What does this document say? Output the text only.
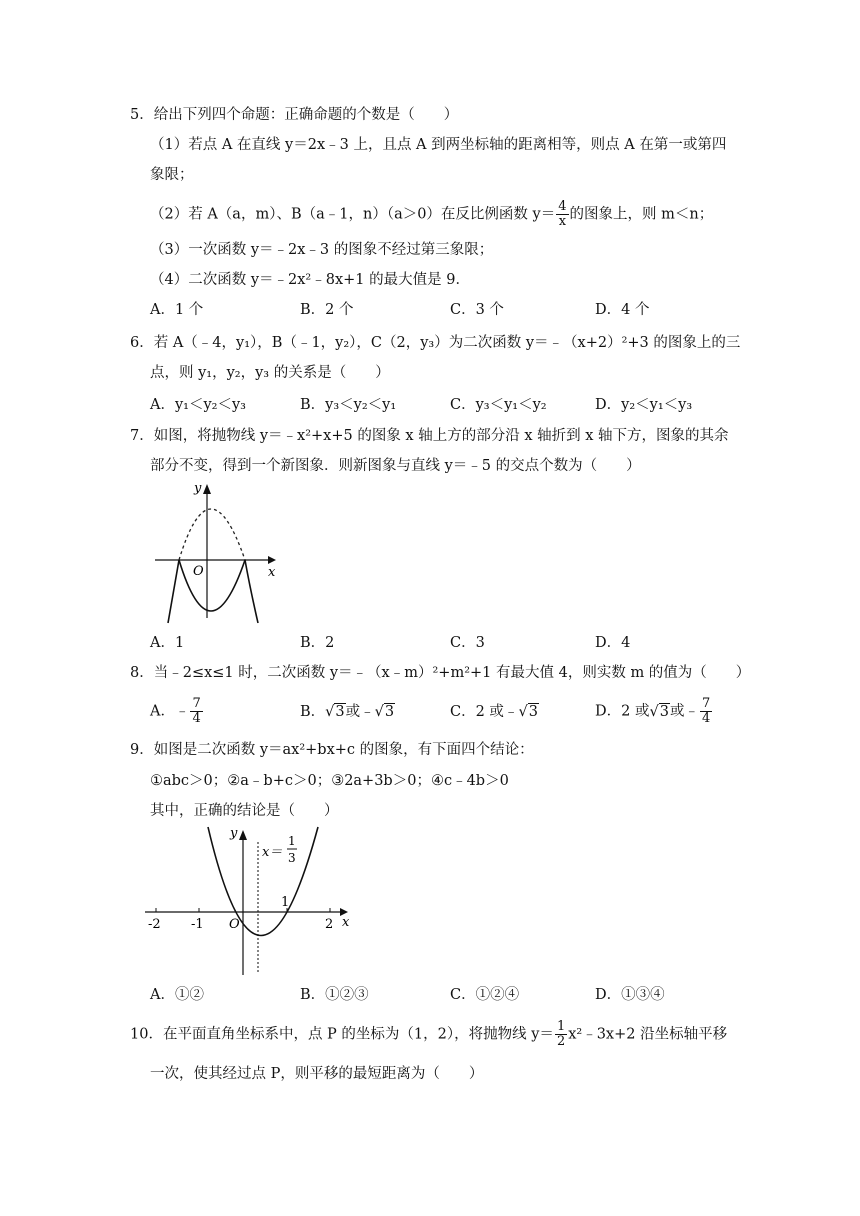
5．给出下列四个命题：正确命题的个数是（　　）
（1）若点 A 在直线 y＝2x﹣3 上，且点 A 到两坐标轴的距离相等，则点 A 在第一或第四
象限；
（2）若 A（a，m）、B（a﹣1，n）（a＞0）在反比例函数 $y= \frac{4}{x}$ 的图象上，则 m＜n；
（3）一次函数 y＝﹣2x﹣3 的图象不经过第三象限；
（4）二次函数 y＝﹣2x²﹣8x+1 的最大值是 9．
A．1 个	B．2 个	C．3 个	D．4 个
6．若 A（﹣4，y₁），B（﹣1，y₂），C（2，y₃）为二次函数 y＝﹣（x+2）²+3 的图象上的三
点，则 y₁，y₂，y₃ 的关系是（　　）
A．y₁＜y₂＜y₃	B．y₃＜y₂＜y₁	C．y₃＜y₁＜y₂	D．y₂＜y₁＜y₃
7．如图，将抛物线 y＝﹣x²+x+5 的图象 x 轴上方的部分沿 x 轴折到 x 轴下方，图象的其余
部分不变，得到一个新图象．则新图象与直线 y＝﹣5 的交点个数为（　　）
y
x
O
A．1	B．2	C．3	D．4
8．当﹣2≤x≤1 时，二次函数 y＝﹣（x﹣m）²+m²+1 有最大值 4，则实数 m 的值为（　　）
A．﹣ $\frac{7}{4}$	B．√3或﹣√3	C．2 或﹣√3	D．2 或√3或﹣ $\frac{7}{4}$
9．如图是二次函数 y＝ax²+bx+c 的图象，有下面四个结论：
①abc＞0；②a﹣b+c＞0；③2a+3b＞0；④c﹣4b＞0
其中，正确的结论是（　　）
x
y
-2 -1
1
2
O
x＝
1
3
A．①②	B．①②③	C．①②④	D．①③④
10．在平面直角坐标系中，点 P 的坐标为（1，2），将抛物线 $y= \frac{1}{2}$ x²﹣3x+2 沿坐标轴平移
一次，使其经过点 P，则平移的最短距离为（　　）
